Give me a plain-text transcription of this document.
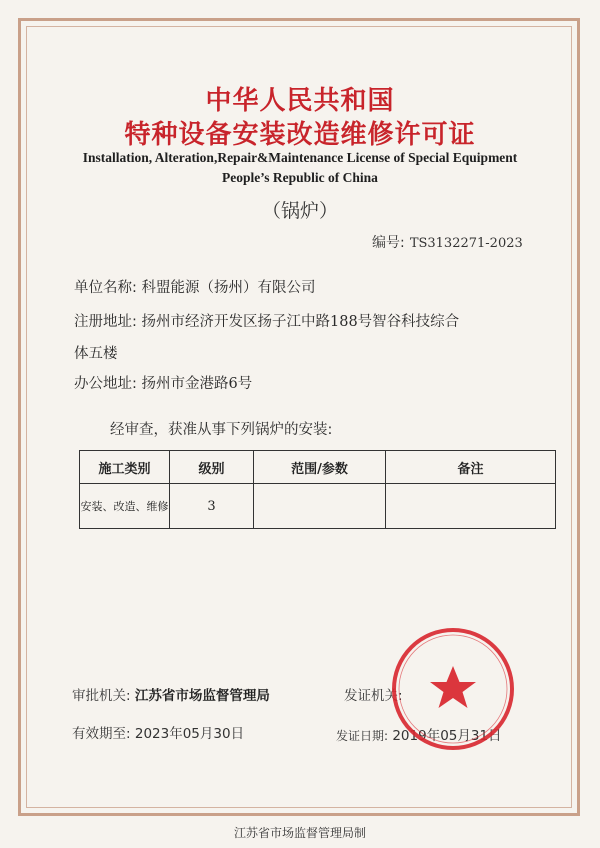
中华人民共和国
特种设备安装改造维修许可证
Installation, Alteration,Repair&Maintenance License of Special Equipment
People’s Republic of China
（锅炉）
编号: TS3132271-2023
单位名称: 科盟能源（扬州）有限公司
注册地址: 扬州市经济开发区扬子江中路188号智谷科技综合
体五楼
办公地址: 扬州市金港路6号
经审查，获准从事下列锅炉的安装:
施工类别	级别	范围/参数	备注
安装、改造、维修	3		
审批机关: 江苏省市场监督管理局	发证机关:
有效期至: 2023年05月30日	发证日期: 2019年05月31日
江苏省市场监督管理局制
